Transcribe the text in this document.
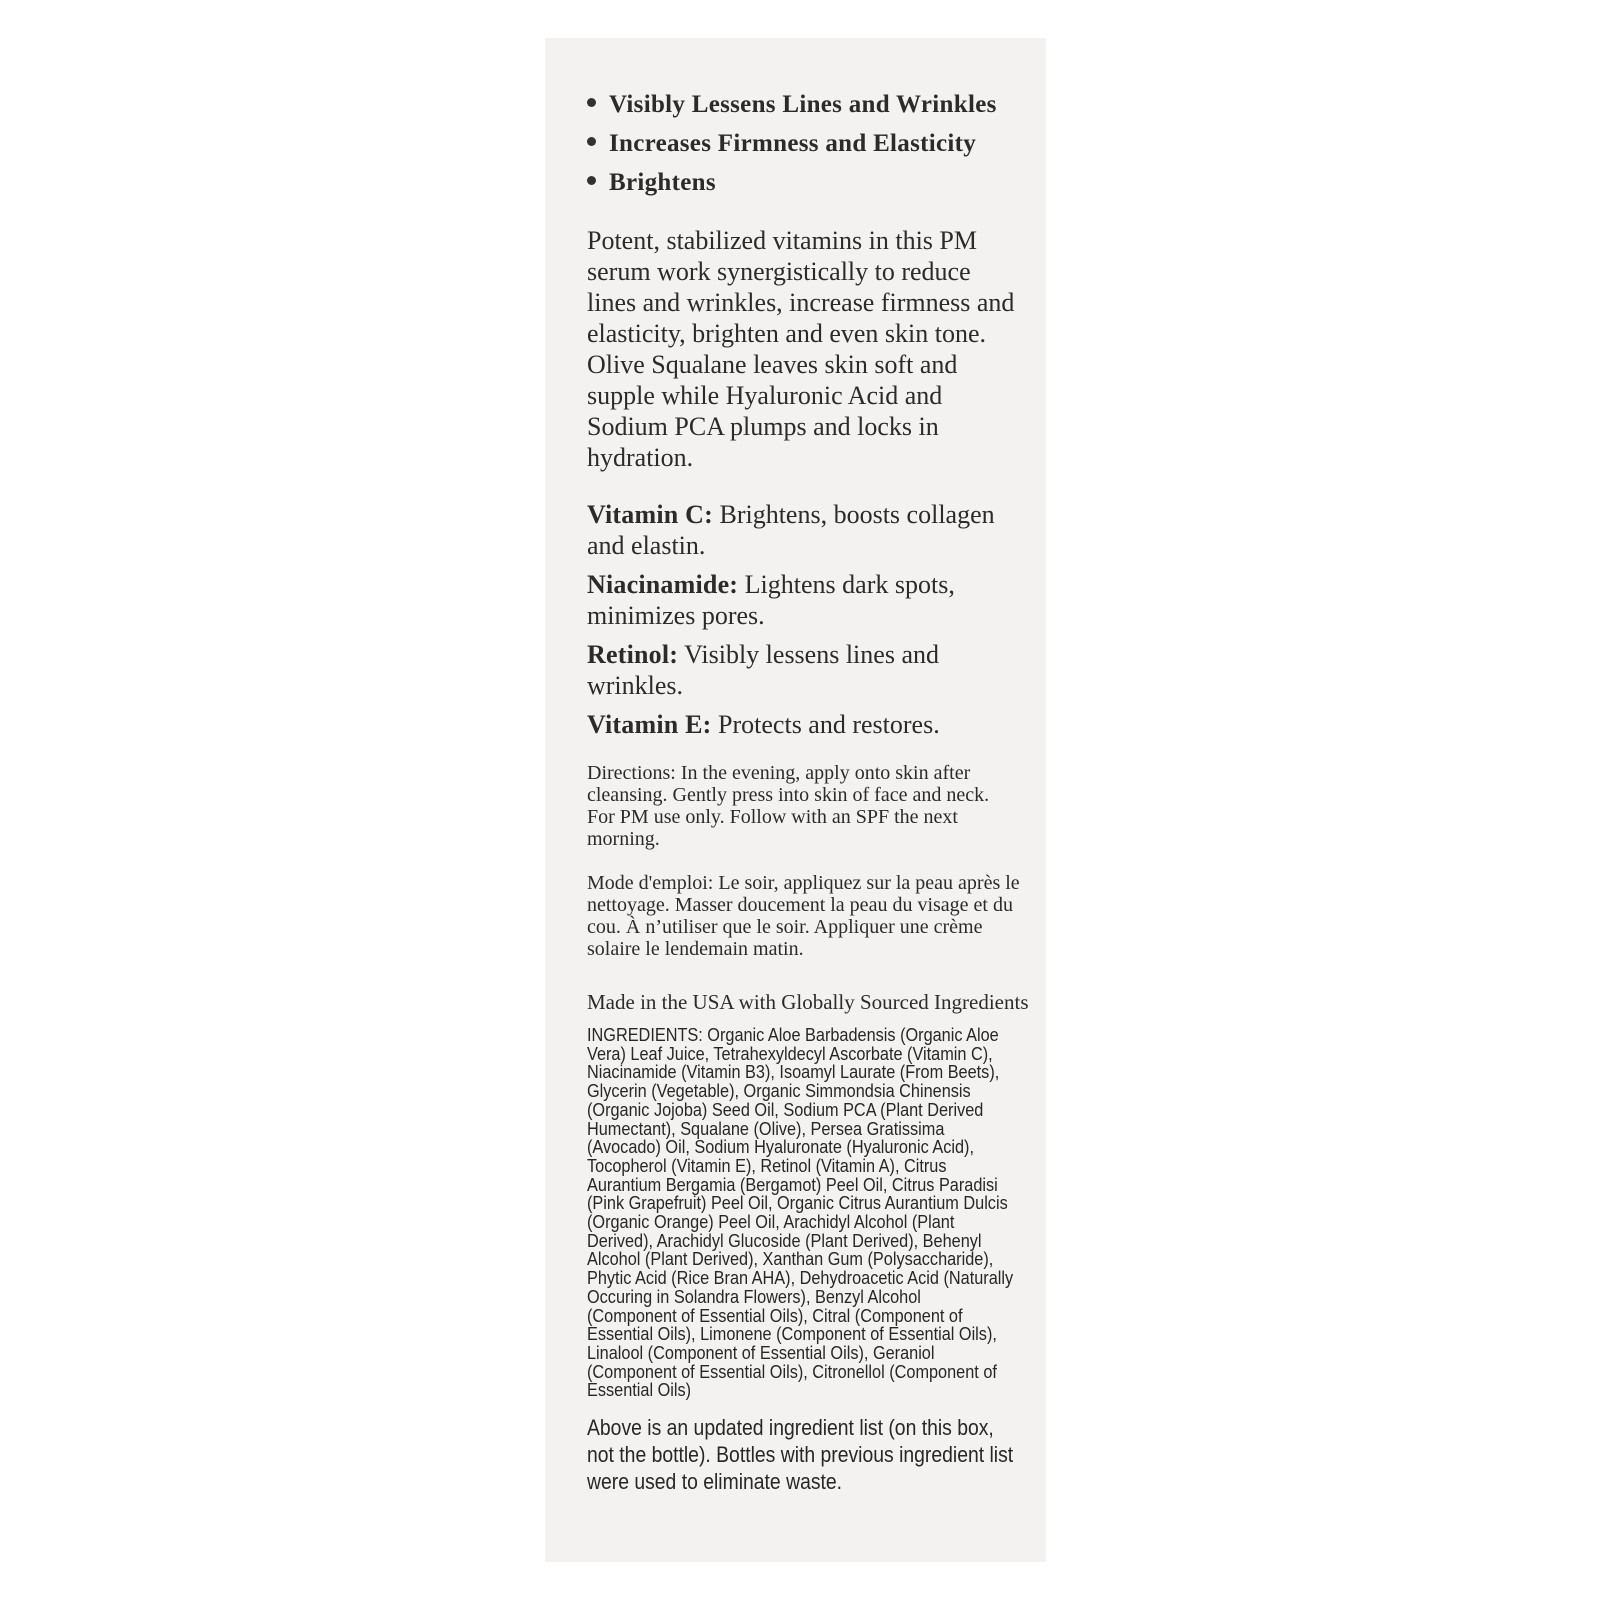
Visibly Lessens Lines and Wrinkles
Increases Firmness and Elasticity
Brightens
Potent, stabilized vitamins in this PM serum work synergistically to reduce lines and wrinkles, increase firmness and elasticity, brighten and even skin tone.  Olive Squalane leaves skin soft and supple while Hyaluronic Acid and Sodium PCA plumps and locks in hydration.
Vitamin C: Brightens, boosts collagen and elastin.
Niacinamide: Lightens dark spots, minimizes pores.
Retinol: Visibly lessens lines and wrinkles.
Vitamin E: Protects and restores.
Directions: In the evening, apply onto skin after cleansing. Gently press into skin of face and neck. For PM use only. Follow with an SPF the next morning.
Mode d'emploi: Le soir, appliquez sur la peau après le nettoyage. Masser doucement la peau du visage et du cou. À n’utiliser que le soir. Appliquer une crème solaire le lendemain matin.
Made in the USA with Globally Sourced Ingredients
INGREDIENTS: Organic Aloe Barbadensis (Organic Aloe Vera) Leaf Juice, Tetrahexyldecyl Ascorbate (Vitamin C), Niacinamide (Vitamin B3), Isoamyl Laurate (From Beets), Glycerin (Vegetable), Organic Simmondsia Chinensis (Organic Jojoba) Seed Oil, Sodium PCA (Plant Derived Humectant), Squalane (Olive), Persea Gratissima (Avocado) Oil, Sodium Hyaluronate (Hyaluronic Acid), Tocopherol (Vitamin E), Retinol (Vitamin A), Citrus Aurantium Bergamia (Bergamot) Peel Oil, Citrus Paradisi (Pink Grapefruit) Peel Oil, Organic Citrus Aurantium Dulcis (Organic Orange) Peel Oil, Arachidyl Alcohol (Plant Derived), Arachidyl Glucoside (Plant Derived), Behenyl Alcohol (Plant Derived), Xanthan Gum (Polysaccharide), Phytic Acid (Rice Bran AHA), Dehydroacetic Acid (Naturally Occuring in Solandra Flowers), Benzyl Alcohol (Component of Essential Oils), Citral (Component of Essential Oils), Limonene (Component of Essential Oils), Linalool (Component of Essential Oils), Geraniol (Component of Essential Oils), Citronellol (Component of Essential Oils)
Above is an updated ingredient list (on this box, not the bottle). Bottles with previous ingredient list were used to eliminate waste.
